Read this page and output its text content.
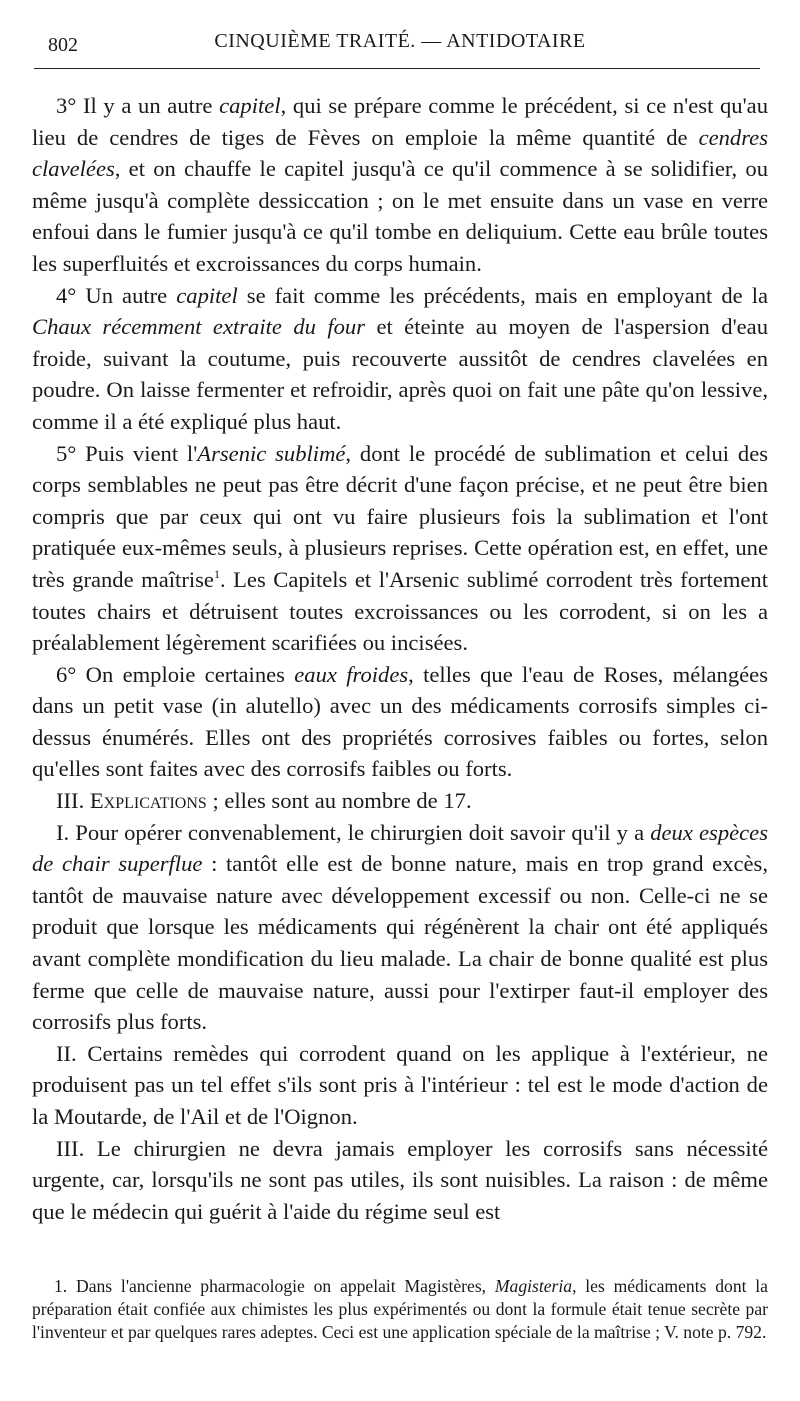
802	CINQUIÈME TRAITÉ. — ANTIDOTAIRE

3° Il y a un autre capitel, qui se prépare comme le précédent, si ce n'est qu'au lieu de cendres de tiges de Fèves on emploie la même quantité de cendres clavelées, et on chauffe le capitel jusqu'à ce qu'il commence à se solidifier, ou même jusqu'à complète dessiccation ; on le met ensuite dans un vase en verre enfoui dans le fumier jusqu'à ce qu'il tombe en deliquium. Cette eau brûle toutes les superfluités et excroissances du corps humain.

4° Un autre capitel se fait comme les précédents, mais en employant de la Chaux récemment extraite du four et éteinte au moyen de l'aspersion d'eau froide, suivant la coutume, puis recouverte aussitôt de cendres clavelées en poudre. On laisse fermenter et refroidir, après quoi on fait une pâte qu'on lessive, comme il a été expliqué plus haut.

5° Puis vient l'Arsenic sublimé, dont le procédé de sublimation et celui des corps semblables ne peut pas être décrit d'une façon précise, et ne peut être bien compris que par ceux qui ont vu faire plusieurs fois la sublimation et l'ont pratiquée eux-mêmes seuls, à plusieurs reprises. Cette opération est, en effet, une très grande maîtrise$^1$. Les Capitels et l'Arsenic sublimé corrodent très fortement toutes chairs et détruisent toutes excroissances ou les corrodent, si on les a préalablement légèrement scarifiées ou incisées.

6° On emploie certaines eaux froides, telles que l'eau de Roses, mélangées dans un petit vase (in alutello) avec un des médicaments corrosifs simples ci-dessus énumérés. Elles ont des propriétés corrosives faibles ou fortes, selon qu'elles sont faites avec des corrosifs faibles ou forts.

III. Explications ; elles sont au nombre de 17.

I. Pour opérer convenablement, le chirurgien doit savoir qu'il y a deux espèces de chair superflue : tantôt elle est de bonne nature, mais en trop grand excès, tantôt de mauvaise nature avec développement excessif ou non. Celle-ci ne se produit que lorsque les médicaments qui régénèrent la chair ont été appliqués avant complète mondification du lieu malade. La chair de bonne qualité est plus ferme que celle de mauvaise nature, aussi pour l'extirper faut-il employer des corrosifs plus forts.

II. Certains remèdes qui corrodent quand on les applique à l'extérieur, ne produisent pas un tel effet s'ils sont pris à l'intérieur : tel est le mode d'action de la Moutarde, de l'Ail et de l'Oignon.

III. Le chirurgien ne devra jamais employer les corrosifs sans nécessité urgente, car, lorsqu'ils ne sont pas utiles, ils sont nuisibles. La raison : de même que le médecin qui guérit à l'aide du régime seul est

1. Dans l'ancienne pharmacologie on appelait Magistères, Magisteria, les médicaments dont la préparation était confiée aux chimistes les plus expérimentés ou dont la formule était tenue secrète par l'inventeur et par quelques rares adeptes. Ceci est une application spéciale de la maîtrise ; V. note p. 792.
